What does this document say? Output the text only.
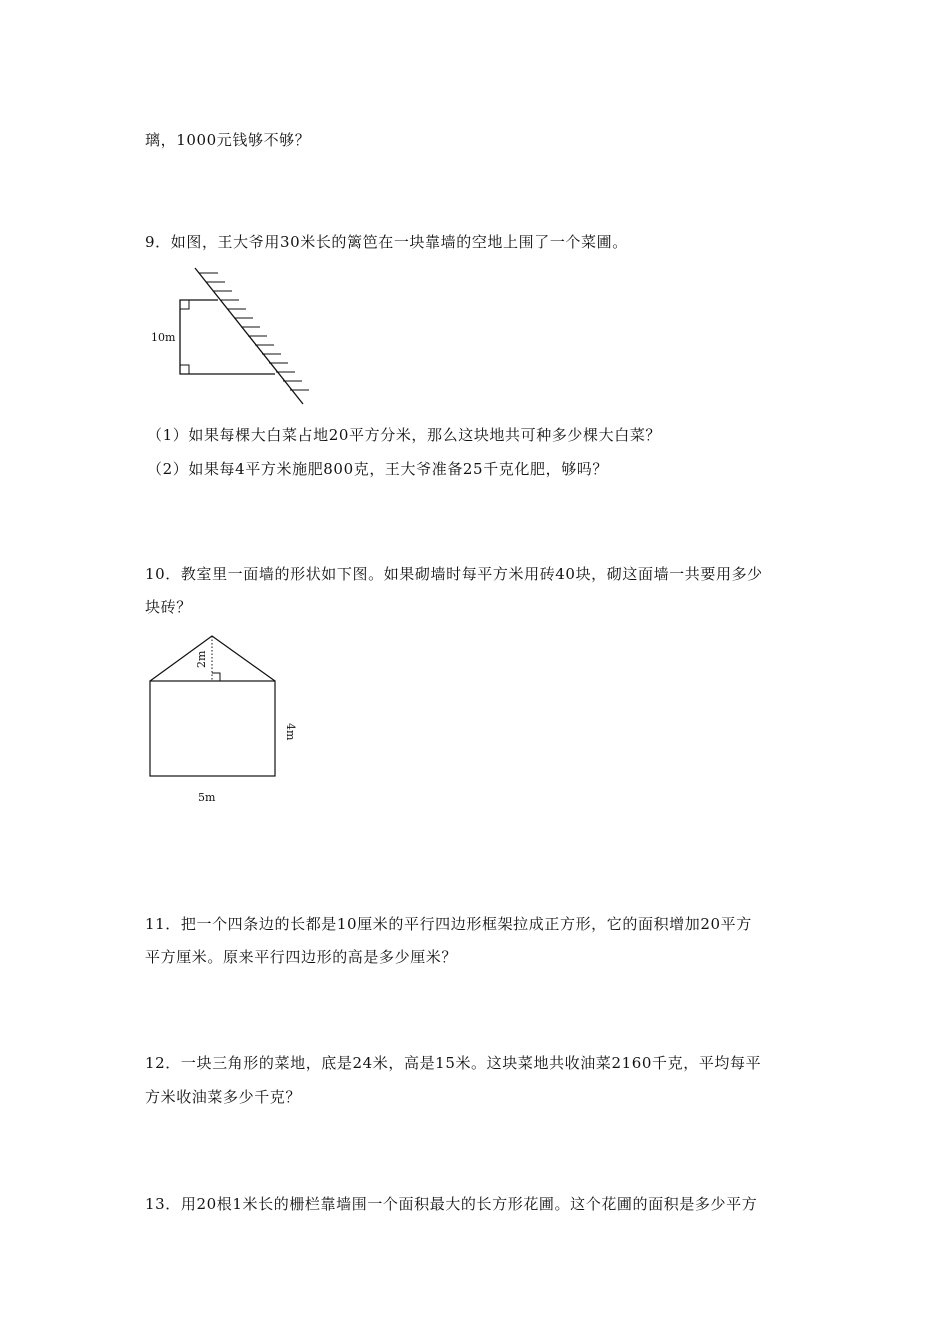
璃，1000元钱够不够？
9．如图，王大爷用30米长的篱笆在一块靠墙的空地上围了一个菜圃。
10m
（1）如果每棵大白菜占地20平方分米，那么这块地共可种多少棵大白菜？
（2）如果每4平方米施肥800克，王大爷准备25千克化肥，够吗？
10．教室里一面墙的形状如下图。如果砌墙时每平方米用砖40块，砌这面墙一共要用多少
块砖？
2m
4m
5m
11．把一个四条边的长都是10厘米的平行四边形框架拉成正方形，它的面积增加20平方
平方厘米。原来平行四边形的高是多少厘米？
12．一块三角形的菜地，底是24米，高是15米。这块菜地共收油菜2160千克，平均每平
方米收油菜多少千克？
13．用20根1米长的栅栏靠墙围一个面积最大的长方形花圃。这个花圃的面积是多少平方
